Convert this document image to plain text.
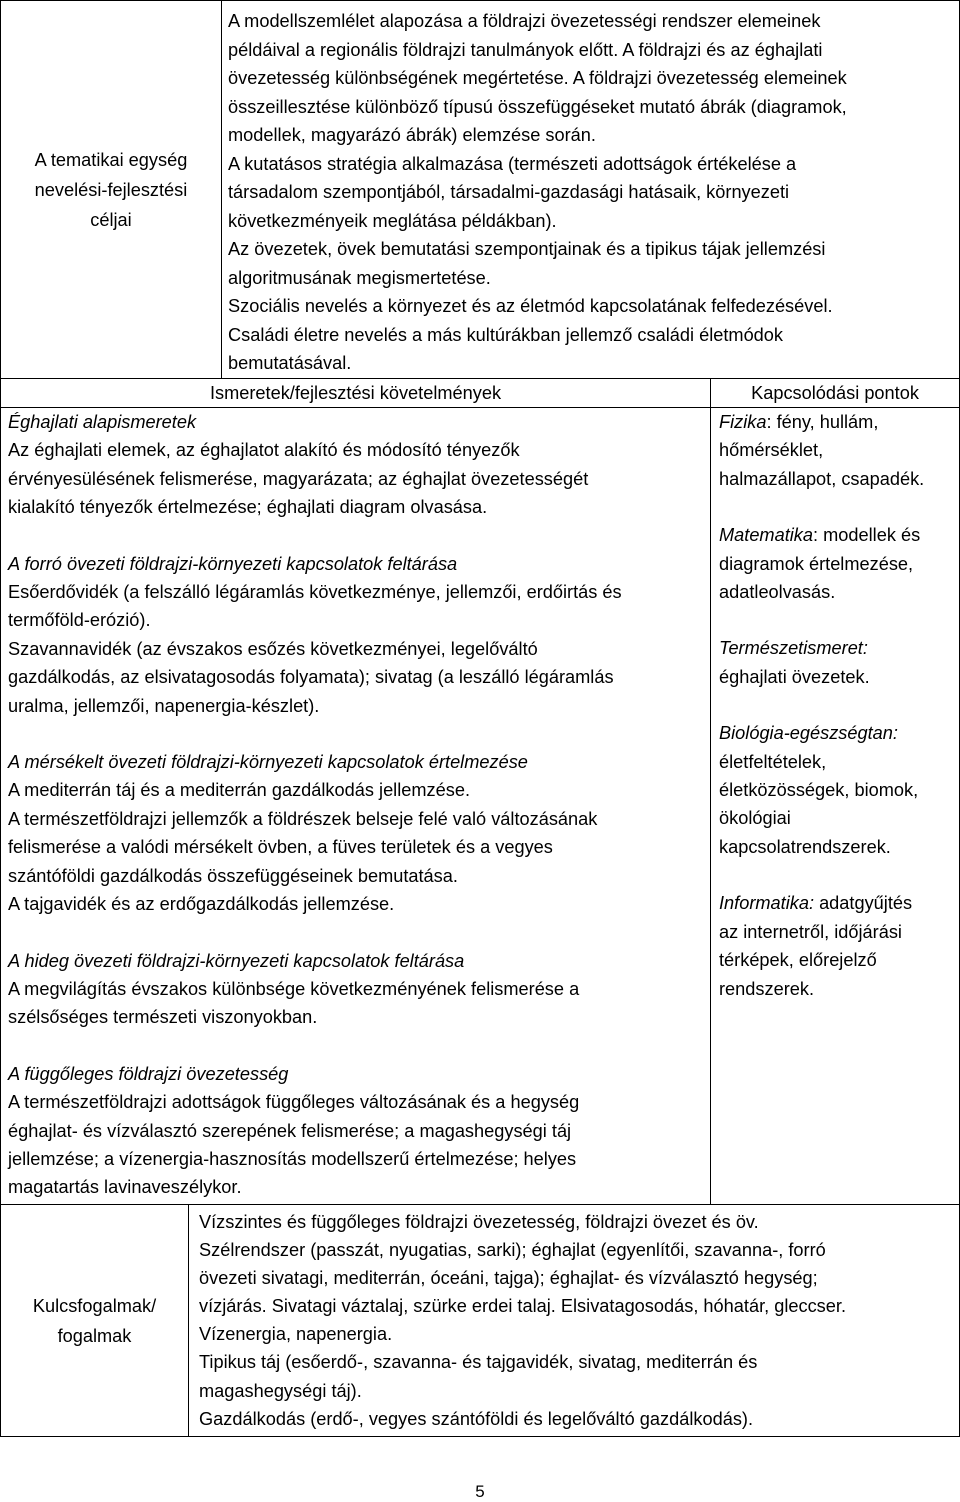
A tematikai egység nevelési-fejlesztési céljai

A modellszemlélet alapozása a földrajzi övezetességi rendszer elemeinek

példáival a regionális földrajzi tanulmányok előtt. A földrajzi és az éghajlati

övezetesség különbségének megértetése. A földrajzi övezetesség elemeinek

összeillesztése különböző típusú összefüggéseket mutató ábrák (diagramok,

modellek, magyarázó ábrák) elemzése során.

A kutatásos stratégia alkalmazása (természeti adottságok értékelése a

társadalom szempontjából, társadalmi-gazdasági hatásaik, környezeti

következményeik meglátása példákban).

Az övezetek, övek bemutatási szempontjainak és a tipikus tájak jellemzési

algoritmusának megismertetése.

Szociális nevelés a környezet és az életmód kapcsolatának felfedezésével.

Családi életre nevelés a más kultúrákban jellemző családi életmódok

bemutatásával.

Ismeretek/fejlesztési követelmények	Kapcsolódási pontok

Éghajlati alapismeretek

Az éghajlati elemek, az éghajlatot alakító és módosító tényezők

érvényesülésének felismerése, magyarázata; az éghajlat övezetességét

kialakító tényezők értelmezése; éghajlati diagram olvasása.

A forró övezeti földrajzi-környezeti kapcsolatok feltárása

Esőerdővidék (a felszálló légáramlás következménye, jellemzői, erdőirtás és

termőföld-erózió).

Szavannavidék (az évszakos esőzés következményei, legelőváltó

gazdálkodás, az elsivatagosodás folyamata); sivatag (a leszálló légáramlás

uralma, jellemzői, napenergia-készlet).

A mérsékelt övezeti földrajzi-környezeti kapcsolatok értelmezése

A mediterrán táj és a mediterrán gazdálkodás jellemzése.

A természetföldrajzi jellemzők a földrészek belseje felé való változásának

felismerése a valódi mérsékelt övben, a füves területek és a vegyes

szántóföldi gazdálkodás összefüggéseinek bemutatása.

A tajgavidék és az erdőgazdálkodás jellemzése.

A hideg övezeti földrajzi-környezeti kapcsolatok feltárása

A megvilágítás évszakos különbsége következményének felismerése a

szélsőséges természeti viszonyokban.

A függőleges földrajzi övezetesség

A természetföldrajzi adottságok függőleges változásának és a hegység

éghajlat- és vízválasztó szerepének felismerése; a magashegységi táj

jellemzése; a vízenergia-hasznosítás modellszerű értelmezése; helyes

magatartás lavinaveszélykor.

Fizika: fény, hullám,

hőmérséklet,

halmazállapot, csapadék.

Matematika: modellek és

diagramok értelmezése,

adatleolvasás.

Természetismeret:

éghajlati övezetek.

Biológia-egészségtan:

életfeltételek,

életközösségek, biomok,

ökológiai

kapcsolatrendszerek.

Informatika: adatgyűjtés

az internetről, időjárási

térképek, előrejelző

rendszerek.

Kulcsfogalmak/ fogalmak

Vízszintes és függőleges földrajzi övezetesség, földrajzi övezet és öv.

Szélrendszer (passzát, nyugatias, sarki); éghajlat (egyenlítői, szavanna-, forró

övezeti sivatagi, mediterrán, óceáni, tajga); éghajlat- és vízválasztó hegység;

vízjárás. Sivatagi váztalaj, szürke erdei talaj. Elsivatagosodás, hóhatár, gleccser.

Vízenergia, napenergia.

Tipikus táj (esőerdő-, szavanna- és tajgavidék, sivatag, mediterrán és

magashegységi táj).

Gazdálkodás (erdő-, vegyes szántóföldi és legelőváltó gazdálkodás).

5
